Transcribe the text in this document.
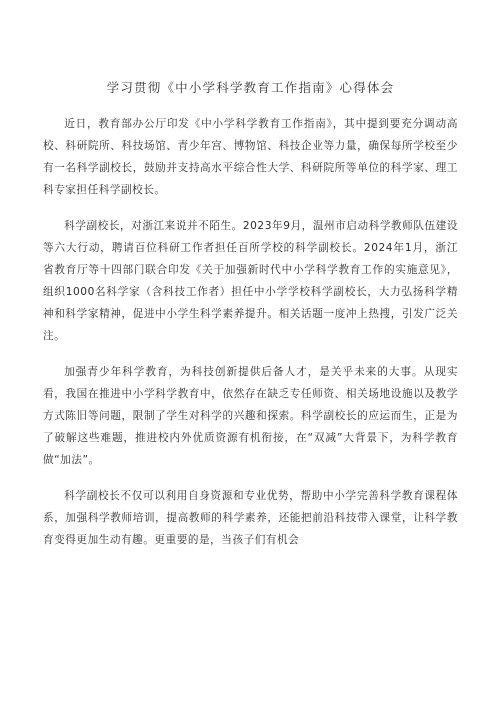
学习贯彻《中小学科学教育工作指南》心得体会

近日，教育部办公厅印发《中小学科学教育工作指南》，其中提到要充分调动高校、科研院所、科技场馆、青少年宫、博物馆、科技企业等力量，确保每所学校至少有一名科学副校长，鼓励并支持高水平综合性大学、科研院所等单位的科学家、理工科专家担任科学副校长。

科学副校长，对浙江来说并不陌生。2023年9月，温州市启动科学教师队伍建设等六大行动，聘请百位科研工作者担任百所学校的科学副校长。2024年1月，浙江省教育厅等十四部门联合印发《关于加强新时代中小学科学教育工作的实施意见》，组织1000名科学家（含科技工作者）担任中小学学校科学副校长，大力弘扬科学精神和科学家精神，促进中小学生科学素养提升。相关话题一度冲上热搜，引发广泛关注。

加强青少年科学教育，为科技创新提供后备人才，是关乎未来的大事。从现实看，我国在推进中小学科学教育中，依然存在缺乏专任师资、相关场地设施以及教学方式陈旧等问题，限制了学生对科学的兴趣和探索。科学副校长的应运而生，正是为了破解这些难题，推进校内外优质资源有机衔接，在“双减”大背景下，为科学教育做“加法”。

科学副校长不仅可以利用自身资源和专业优势，帮助中小学完善科学教育课程体系，加强科学教师培训，提高教师的科学素养，还能把前沿科技带入课堂，让科学教育变得更加生动有趣。更重要的是，当孩子们有机会
